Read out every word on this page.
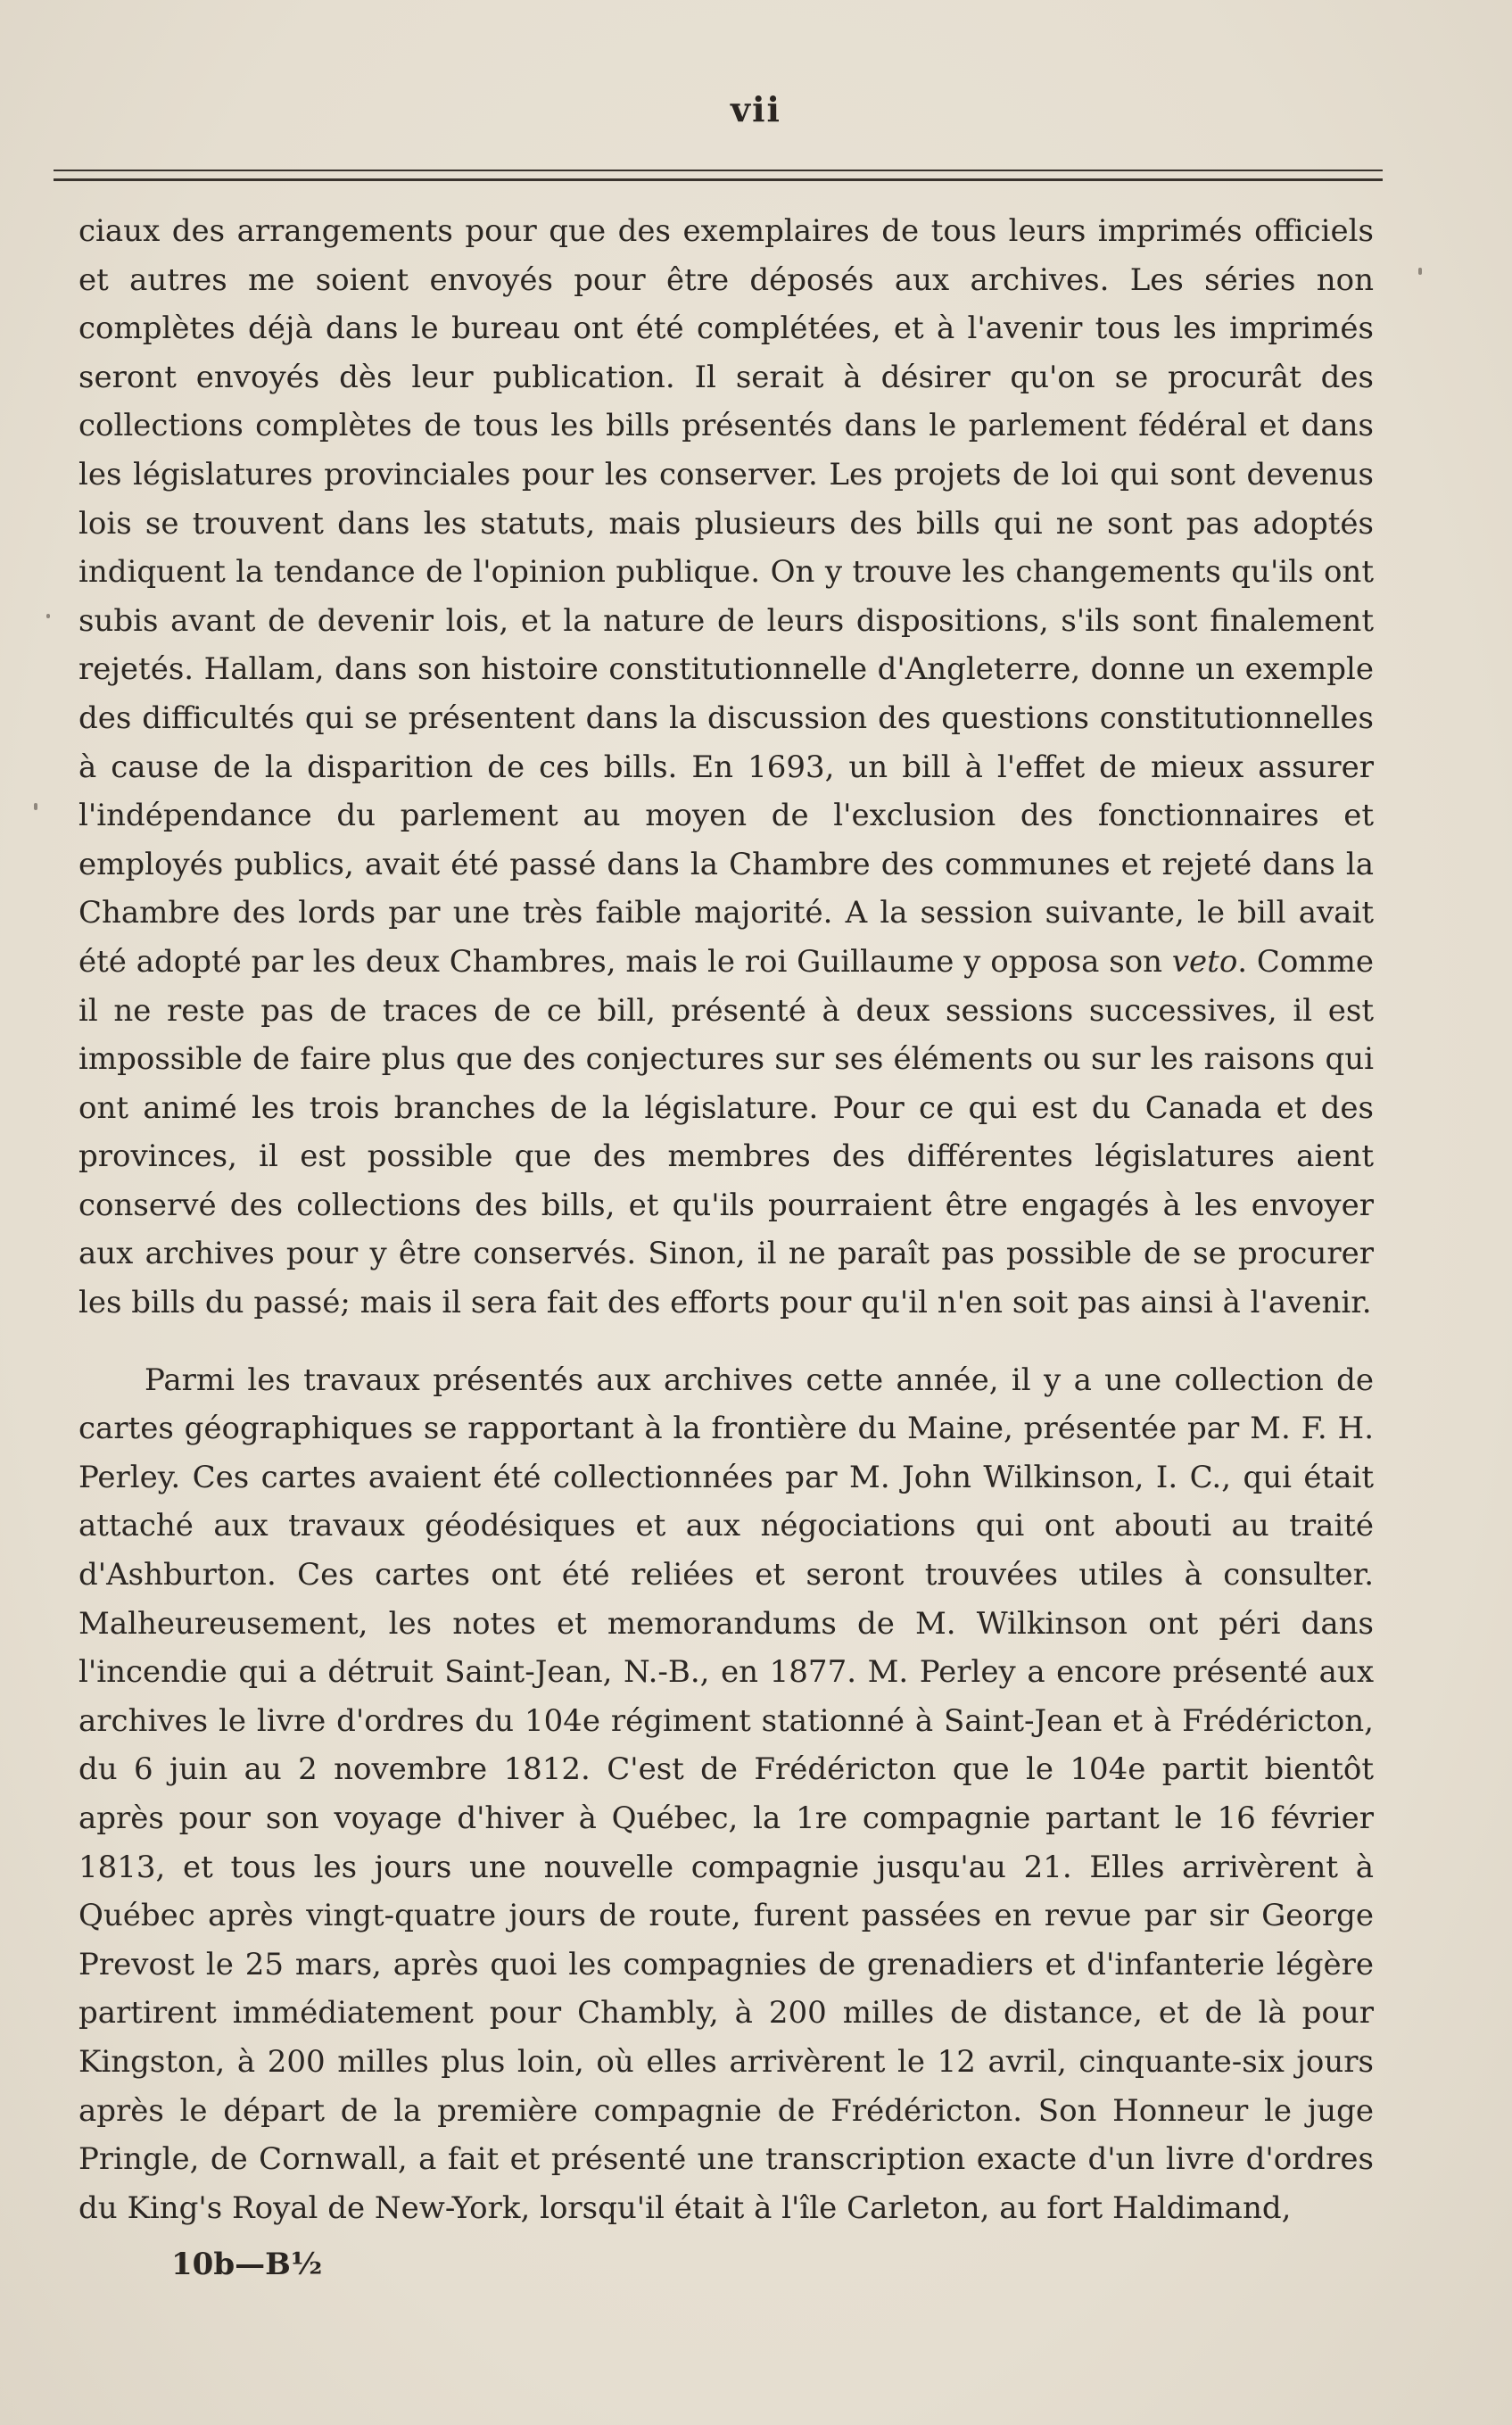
vii

ciaux des arrangements pour que des exemplaires de tous leurs imprimés officiels et autres me soient envoyés pour être déposés aux archives. Les séries non complètes déjà dans le bureau ont été complétées, et à l'avenir tous les imprimés seront envoyés dès leur publication. Il serait à désirer qu'on se procurât des collections complètes de tous les bills présentés dans le parlement fédéral et dans les législatures provinciales pour les conserver. Les projets de loi qui sont devenus lois se trouvent dans les statuts, mais plusieurs des bills qui ne sont pas adoptés indiquent la tendance de l'opinion publique. On y trouve les changements qu'ils ont subis avant de devenir lois, et la nature de leurs dispositions, s'ils sont finalement rejetés. Hallam, dans son histoire constitutionnelle d'Angleterre, donne un exemple des difficultés qui se présentent dans la discussion des questions constitutionnelles à cause de la disparition de ces bills. En 1693, un bill à l'effet de mieux assurer l'indépendance du parlement au moyen de l'exclusion des fonctionnaires et employés publics, avait été passé dans la Chambre des communes et rejeté dans la Chambre des lords par une très faible majorité. A la session suivante, le bill avait été adopté par les deux Chambres, mais le roi Guillaume y opposa son veto. Comme il ne reste pas de traces de ce bill, présenté à deux sessions successives, il est impossible de faire plus que des conjectures sur ses éléments ou sur les raisons qui ont animé les trois branches de la législature. Pour ce qui est du Canada et des provinces, il est possible que des membres des différentes législatures aient conservé des collections des bills, et qu'ils pourraient être engagés à les envoyer aux archives pour y être conservés. Sinon, il ne paraît pas possible de se procurer les bills du passé; mais il sera fait des efforts pour qu'il n'en soit pas ainsi à l'avenir.

Parmi les travaux présentés aux archives cette année, il y a une collection de cartes géographiques se rapportant à la frontière du Maine, présentée par M. F. H. Perley. Ces cartes avaient été collectionnées par M. John Wilkinson, I. C., qui était attaché aux travaux géodésiques et aux négociations qui ont abouti au traité d'Ashburton. Ces cartes ont été reliées et seront trouvées utiles à consulter. Malheureusement, les notes et memorandums de M. Wilkinson ont péri dans l'incendie qui a détruit Saint-Jean, N.-B., en 1877. M. Perley a encore présenté aux archives le livre d'ordres du 104e régiment stationné à Saint-Jean et à Frédéricton, du 6 juin au 2 novembre 1812. C'est de Frédéricton que le 104e partit bientôt après pour son voyage d'hiver à Québec, la 1re compagnie partant le 16 février 1813, et tous les jours une nouvelle compagnie jusqu'au 21. Elles arrivèrent à Québec après vingt-quatre jours de route, furent passées en revue par sir George Prevost le 25 mars, après quoi les compagnies de grenadiers et d'infanterie légère partirent immédiatement pour Chambly, à 200 milles de distance, et de là pour Kingston, à 200 milles plus loin, où elles arrivèrent le 12 avril, cinquante-six jours après le départ de la première compagnie de Frédéricton. Son Honneur le juge Pringle, de Cornwall, a fait et présenté une transcription exacte d'un livre d'ordres du King's Royal de New-York, lorsqu'il était à l'île Carleton, au fort Haldimand,

10b—B½
